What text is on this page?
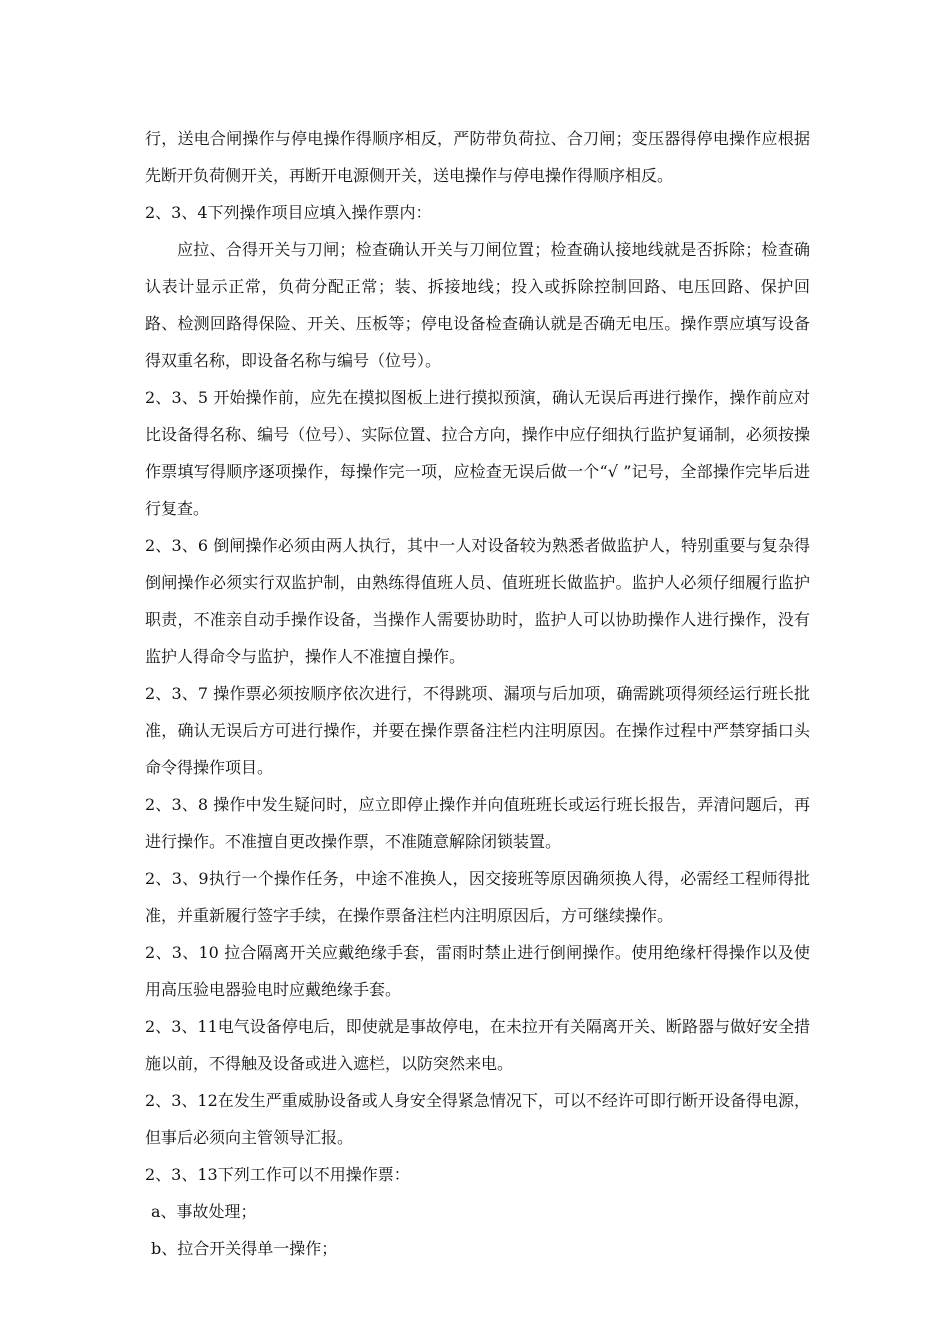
行，送电合闸操作与停电操作得顺序相反，严防带负荷拉、合刀闸；变压器得停电操作应根据先断开负荷侧开关，再断开电源侧开关，送电操作与停电操作得顺序相反。

2、3、4下列操作项目应填入操作票内：

应拉、合得开关与刀闸；检查确认开关与刀闸位置；检查确认接地线就是否拆除；检查确认表计显示正常，负荷分配正常；装、拆接地线；投入或拆除控制回路、电压回路、保护回路、检测回路得保险、开关、压板等；停电设备检查确认就是否确无电压。操作票应填写设备得双重名称，即设备名称与编号（位号）。

2、3、5 开始操作前，应先在摸拟图板上进行摸拟预演，确认无误后再进行操作，操作前应对比设备得名称、编号（位号）、实际位置、拉合方向，操作中应仔细执行监护复诵制，必须按操作票填写得顺序逐项操作，每操作完一项，应检查无误后做一个“√ ”记号，全部操作完毕后进行复查。

2、3、6 倒闸操作必须由两人执行，其中一人对设备较为熟悉者做监护人，特别重要与复杂得倒闸操作必须实行双监护制，由熟练得值班人员、值班班长做监护。监护人必须仔细履行监护职责，不准亲自动手操作设备，当操作人需要协助时，监护人可以协助操作人进行操作，没有监护人得命令与监护，操作人不准擅自操作。

2、3、7 操作票必须按顺序依次进行，不得跳项、漏项与后加项，确需跳项得须经运行班长批准，确认无误后方可进行操作，并要在操作票备注栏内注明原因。在操作过程中严禁穿插口头命令得操作项目。

2、3、8 操作中发生疑问时，应立即停止操作并向值班班长或运行班长报告，弄清问题后，再进行操作。不准擅自更改操作票，不准随意解除闭锁装置。

2、3、9执行一个操作任务，中途不准换人，因交接班等原因确须换人得，必需经工程师得批准，并重新履行签字手续，在操作票备注栏内注明原因后，方可继续操作。

2、3、10 拉合隔离开关应戴绝缘手套，雷雨时禁止进行倒闸操作。使用绝缘杆得操作以及使用高压验电器验电时应戴绝缘手套。

2、3、11电气设备停电后，即使就是事故停电，在未拉开有关隔离开关、断路器与做好安全措施以前，不得触及设备或进入遮栏，以防突然来电。

2、3、12在发生严重威胁设备或人身安全得紧急情况下，可以不经许可即行断开设备得电源，但事后必须向主管领导汇报。

2、3、13下列工作可以不用操作票：

a、事故处理；

b、拉合开关得单一操作；
